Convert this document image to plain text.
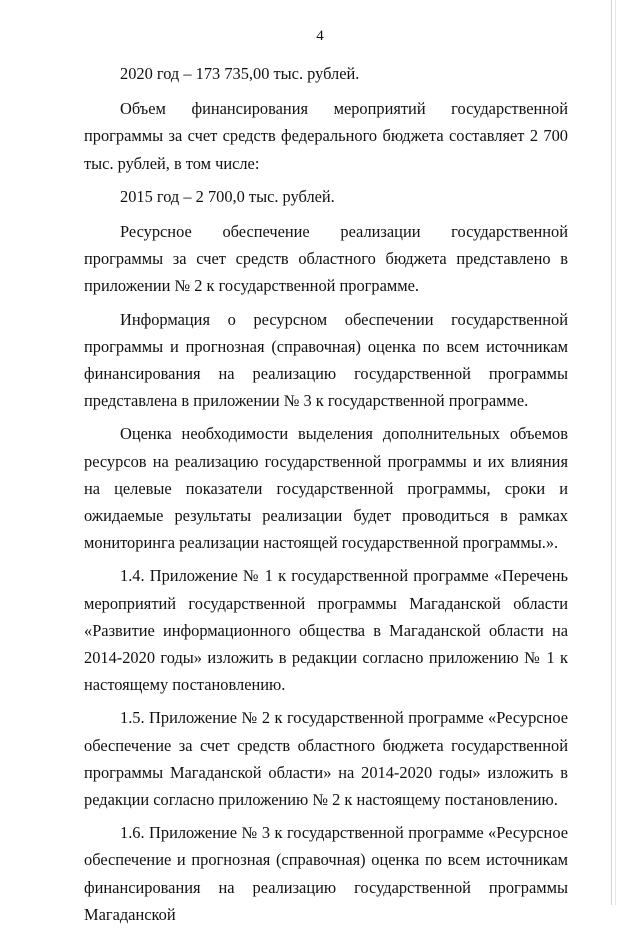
4

2020 год – 173 735,00 тыс. рублей.

Объем финансирования мероприятий государственной программы за счет средств федерального бюджета составляет 2 700 тыс. рублей, в том числе:

2015 год – 2 700,0 тыс. рублей.

Ресурсное обеспечение реализации государственной программы за счет средств областного бюджета представлено в приложении № 2 к государственной программе.

Информация о ресурсном обеспечении государственной программы и прогнозная (справочная) оценка по всем источникам финансирования на реализацию государственной программы представлена в приложении № 3 к государственной программе.

Оценка необходимости выделения дополнительных объемов ресурсов на реализацию государственной программы и их влияния на целевые показатели государственной программы, сроки и ожидаемые результаты реализации будет проводиться в рамках мониторинга реализации настоящей государственной программы.».

1.4. Приложение № 1 к государственной программе «Перечень мероприятий государственной программы Магаданской области «Развитие информационного общества в Магаданской области на 2014-2020 годы» изложить в редакции согласно приложению № 1 к настоящему постановлению.

1.5. Приложение № 2 к государственной программе «Ресурсное обеспечение за счет средств областного бюджета государственной программы Магаданской области» на 2014-2020 годы» изложить в редакции согласно приложению № 2 к настоящему постановлению.

1.6. Приложение № 3 к государственной программе «Ресурсное обеспечение и прогнозная (справочная) оценка по всем источникам финансирования на реализацию государственной программы Магаданской
